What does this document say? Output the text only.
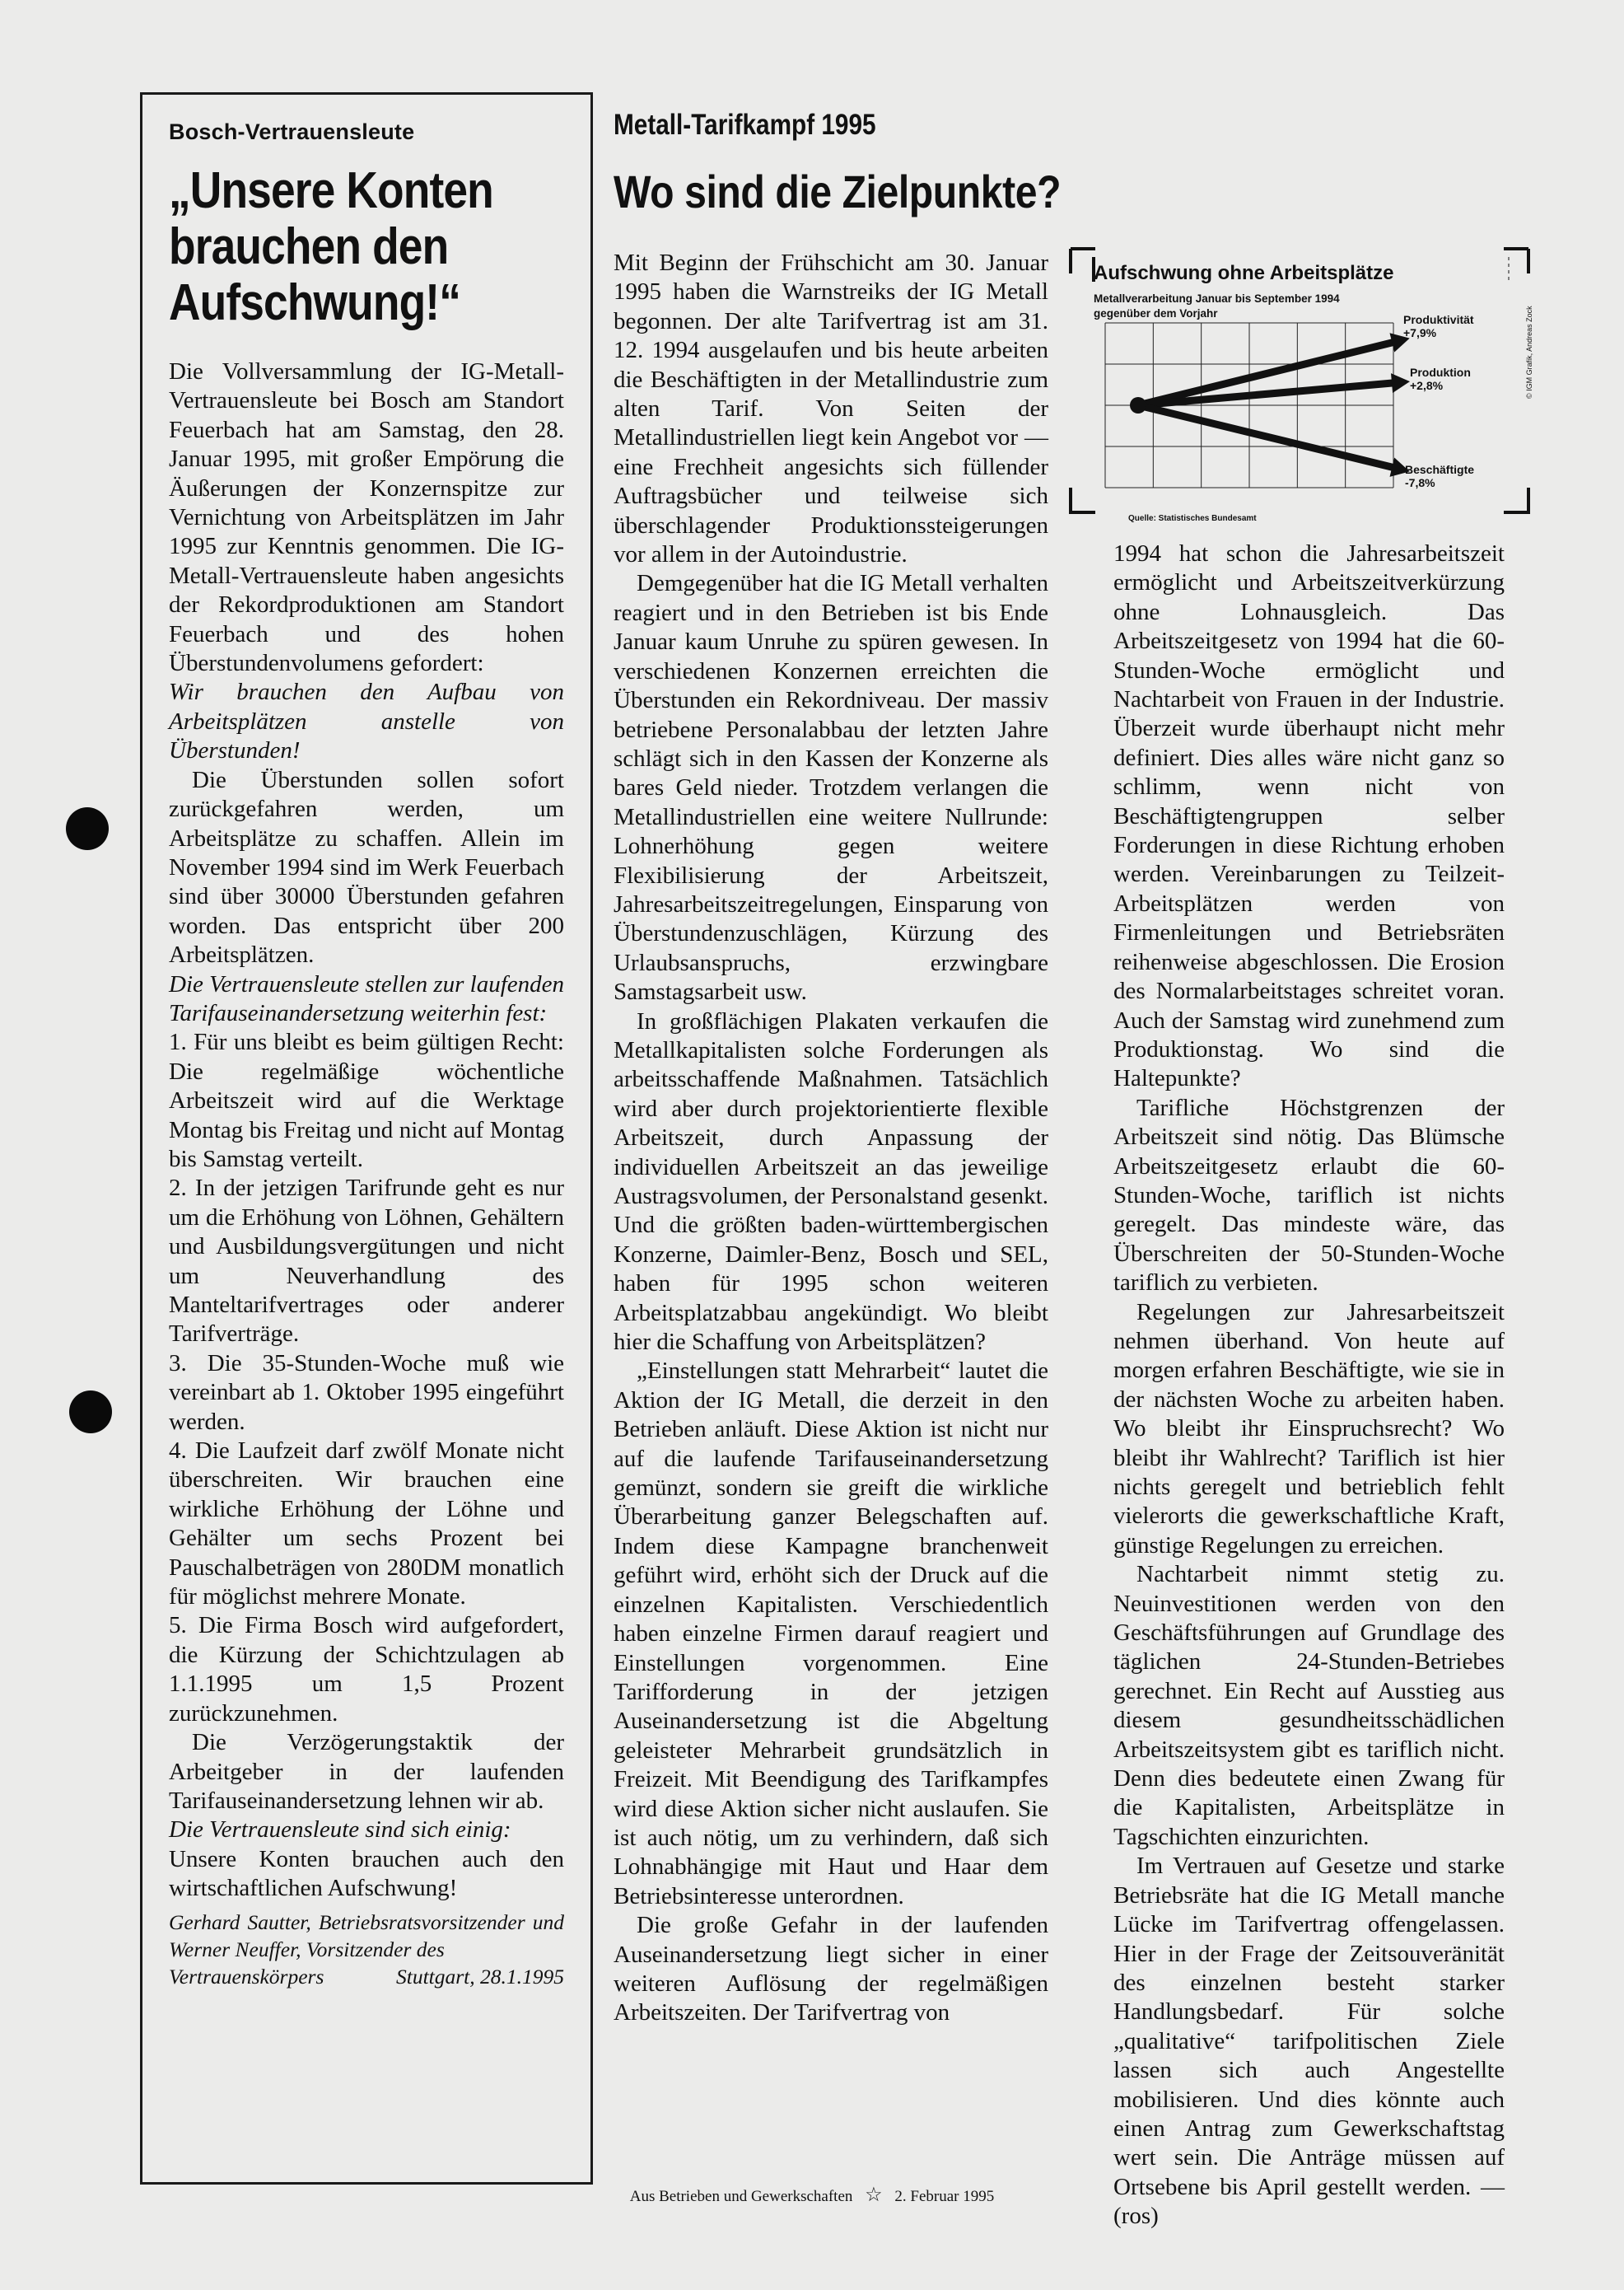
Bosch-Vertrauensleute
„Unsere Konten
brauchen den
Aufschwung!“

Die Vollversammlung der IG-Metall-Vertrauensleute bei Bosch am Standort Feuerbach hat am Samstag, den 28. Januar 1995, mit großer Empörung die Äußerungen der Konzernspitze zur Vernichtung von Arbeitsplätzen im Jahr 1995 zur Kenntnis genommen. Die IG-Metall-Vertrauensleute haben angesichts der Rekordproduktionen am Standort Feuerbach und des hohen Überstundenvolumens gefordert:

Wir brauchen den Aufbau von Arbeitsplätzen anstelle von Überstunden!

Die Überstunden sollen sofort zurückgefahren werden, um Arbeitsplätze zu schaffen. Allein im November 1994 sind im Werk Feuerbach sind über 30000 Überstunden gefahren worden. Das entspricht über 200 Arbeitsplätzen.

Die Vertrauensleute stellen zur laufenden Tarifauseinandersetzung weiterhin fest:

1. Für uns bleibt es beim gültigen Recht: Die regelmäßige wöchentliche Arbeitszeit wird auf die Werktage Montag bis Freitag und nicht auf Montag bis Samstag verteilt.

2. In der jetzigen Tarifrunde geht es nur um die Erhöhung von Löhnen, Gehältern und Ausbildungsvergütungen und nicht um Neuverhandlung des Manteltarifvertrages oder anderer Tarifverträge.

3. Die 35-Stunden-Woche muß wie vereinbart ab 1. Oktober 1995 eingeführt werden.

4. Die Laufzeit darf zwölf Monate nicht überschreiten. Wir brauchen eine wirkliche Erhöhung der Löhne und Gehälter um sechs Prozent bei Pauschalbeträgen von 280DM monatlich für möglichst mehrere Monate.

5. Die Firma Bosch wird aufgefordert, die Kürzung der Schichtzulagen ab 1.1.1995 um 1,5 Prozent zurückzunehmen.

Die Verzögerungstaktik der Arbeitgeber in der laufenden Tarifauseinandersetzung lehnen wir ab.

Die Vertrauensleute sind sich einig:

Unsere Konten brauchen auch den wirtschaftlichen Aufschwung!

Gerhard Sautter, Betriebsratsvorsitzender und Werner Neuffer, Vorsitzender des
Vertrauenskörpers	Stuttgart, 28.1.1995
Metall-Tarifkampf 1995
Wo sind die Zielpunkte?

Mit Beginn der Frühschicht am 30. Januar 1995 haben die Warnstreiks der IG Metall begonnen. Der alte Tarifvertrag ist am 31. 12. 1994 ausgelaufen und bis heute arbeiten die Beschäftigten in der Metallindustrie zum alten Tarif. Von Seiten der Metallindustriellen liegt kein Angebot vor — eine Frechheit angesichts sich füllender Auftragsbücher und teilweise sich überschlagender Produktionssteigerungen vor allem in der Autoindustrie.

Demgegenüber hat die IG Metall verhalten reagiert und in den Betrieben ist bis Ende Januar kaum Unruhe zu spüren gewesen. In verschiedenen Konzernen erreichten die Überstunden ein Rekordniveau. Der massiv betriebene Personalabbau der letzten Jahre schlägt sich in den Kassen der Konzerne als bares Geld nieder. Trotzdem verlangen die Metallindustriellen eine weitere Nullrunde: Lohnerhöhung gegen weitere Flexibilisierung der Arbeitszeit, Jahresarbeitszeitregelungen, Einsparung von Überstundenzuschlägen, Kürzung des Urlaubsanspruchs, erzwingbare Samstagsarbeit usw.

In großflächigen Plakaten verkaufen die Metallkapitalisten solche Forderungen als arbeitsschaffende Maßnahmen. Tatsächlich wird aber durch projektorientierte flexible Arbeitszeit, durch Anpassung der individuellen Arbeitszeit an das jeweilige Austragsvolumen, der Personalstand gesenkt. Und die größten baden-württembergischen Konzerne, Daimler-Benz, Bosch und SEL, haben für 1995 schon weiteren Arbeitsplatzabbau angekündigt. Wo bleibt hier die Schaffung von Arbeitsplätzen?

„Einstellungen statt Mehrarbeit“ lautet die Aktion der IG Metall, die derzeit in den Betrieben anläuft. Diese Aktion ist nicht nur auf die laufende Tarifauseinandersetzung gemünzt, sondern sie greift die wirkliche Überarbeitung ganzer Belegschaften auf. Indem diese Kampagne branchenweit geführt wird, erhöht sich der Druck auf die einzelnen Kapitalisten. Verschiedentlich haben einzelne Firmen darauf reagiert und Einstellungen vorgenommen. Eine Tarifforderung in der jetzigen Auseinandersetzung ist die Abgeltung geleisteter Mehrarbeit grundsätzlich in Freizeit. Mit Beendigung des Tarifkampfes wird diese Aktion sicher nicht auslaufen. Sie ist auch nötig, um zu verhindern, daß sich Lohnabhängige mit Haut und Haar dem Betriebsinteresse unterordnen.

Die große Gefahr in der laufenden Auseinandersetzung liegt sicher in einer weiteren Auflösung der regelmäßigen Arbeitszeiten. Der Tarifvertrag von

Aufschwung ohne Arbeitsplätze
Metallverarbeitung Januar bis September 1994
gegenüber dem Vorjahr	Produktivität
+7,9%
Produktion
+2,8%
Beschäftigte
-7,8%
Quelle: Statistisches Bundesamt
© IGM Grafik, Andreas Zock

1994 hat schon die Jahresarbeitszeit ermöglicht und Arbeitszeitverkürzung ohne Lohnausgleich. Das Arbeitszeitgesetz von 1994 hat die 60-Stunden-Woche ermöglicht und Nachtarbeit von Frauen in der Industrie. Überzeit wurde überhaupt nicht mehr definiert. Dies alles wäre nicht ganz so schlimm, wenn nicht von Beschäftigtengruppen selber Forderungen in diese Richtung erhoben werden. Vereinbarungen zu Teilzeit-Arbeitsplätzen werden von Firmenleitungen und Betriebsräten reihenweise abgeschlossen. Die Erosion des Normalarbeitstages schreitet voran. Auch der Samstag wird zunehmend zum Produktionstag. Wo sind die Haltepunkte?

Tarifliche Höchstgrenzen der Arbeitszeit sind nötig. Das Blümsche Arbeitszeitgesetz erlaubt die 60-Stunden-Woche, tariflich ist nichts geregelt. Das mindeste wäre, das Überschreiten der 50-Stunden-Woche tariflich zu verbieten.

Regelungen zur Jahresarbeitszeit nehmen überhand. Von heute auf morgen erfahren Beschäftigte, wie sie in der nächsten Woche zu arbeiten haben. Wo bleibt ihr Einspruchsrecht? Wo bleibt ihr Wahlrecht? Tariflich ist hier nichts geregelt und betrieblich fehlt vielerorts die gewerkschaftliche Kraft, günstige Regelungen zu erreichen.

Nachtarbeit nimmt stetig zu. Neuinvestitionen werden von den Geschäftsführungen auf Grundlage des täglichen 24-Stunden-Betriebes gerechnet. Ein Recht auf Ausstieg aus diesem gesundheitsschädlichen Arbeitszeitsystem gibt es tariflich nicht. Denn dies bedeutete einen Zwang für die Kapitalisten, Arbeitsplätze in Tagschichten einzurichten.

Im Vertrauen auf Gesetze und starke Betriebsräte hat die IG Metall manche Lücke im Tarifvertrag offengelassen. Hier in der Frage der Zeitsouveränität des einzelnen besteht starker Handlungsbedarf. Für solche „qualitative“ tarifpolitischen Ziele lassen sich auch Angestellte mobilisieren. Und dies könnte auch einen Antrag zum Gewerkschaftstag wert sein. Die Anträge müssen auf Ortsebene bis April gestellt werden. — (ros)

Aus Betrieben und Gewerkschaften ☆ 2. Februar 1995
